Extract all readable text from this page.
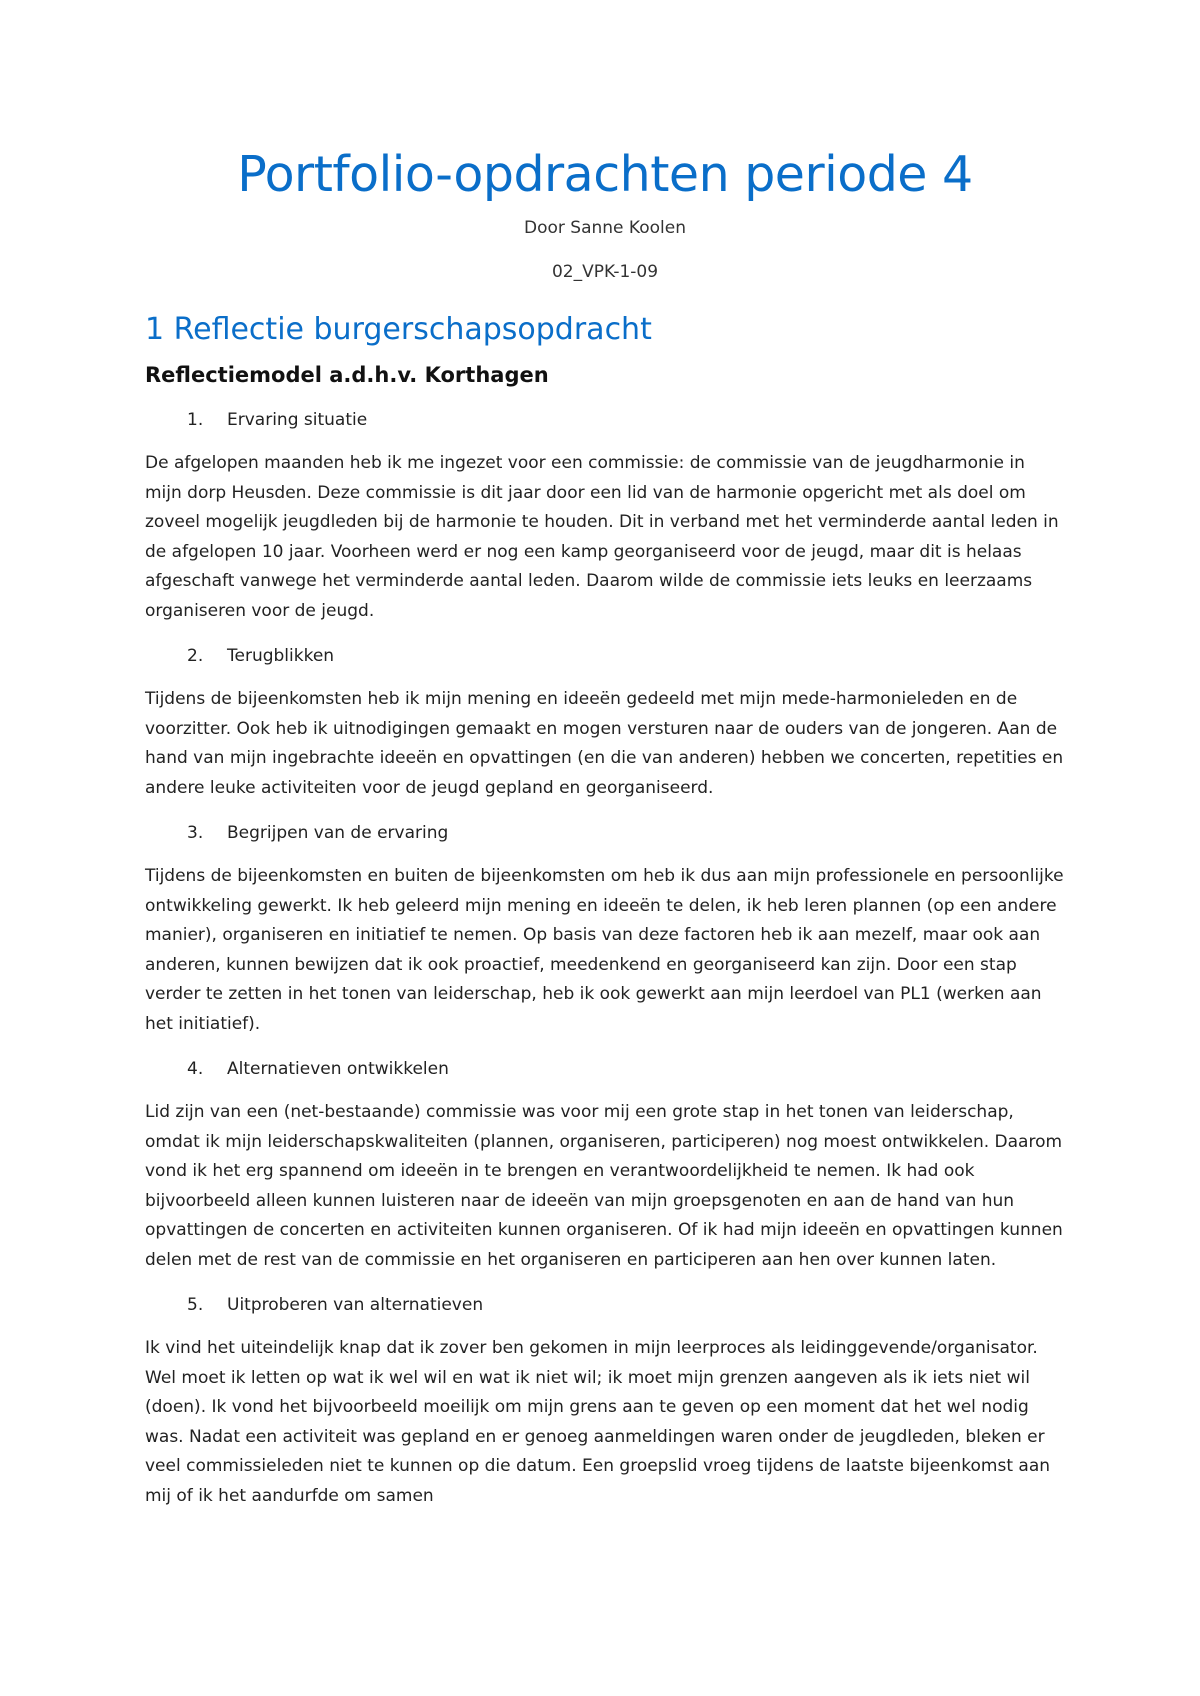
Portfolio-opdrachten periode 4

Door Sanne Koolen

02_VPK-1-09

1 Reflectie burgerschapsopdracht
Reflectiemodel a.d.h.v. Korthagen
1.	Ervaring situatie

De afgelopen maanden heb ik me ingezet voor een commissie: de commissie van de jeugdharmonie in mijn dorp Heusden. Deze commissie is dit jaar door een lid van de harmonie opgericht met als doel om zoveel mogelijk jeugdleden bij de harmonie te houden. Dit in verband met het verminderde aantal leden in de afgelopen 10 jaar. Voorheen werd er nog een kamp georganiseerd voor de jeugd, maar dit is helaas afgeschaft vanwege het verminderde aantal leden. Daarom wilde de commissie iets leuks en leerzaams organiseren voor de jeugd.

2.	Terugblikken

Tijdens de bijeenkomsten heb ik mijn mening en ideeën gedeeld met mijn mede-harmonieleden en de voorzitter. Ook heb ik uitnodigingen gemaakt en mogen versturen naar de ouders van de jongeren. Aan de hand van mijn ingebrachte ideeën en opvattingen (en die van anderen) hebben we concerten, repetities en andere leuke activiteiten voor de jeugd gepland en georganiseerd.

3.	Begrijpen van de ervaring

Tijdens de bijeenkomsten en buiten de bijeenkomsten om heb ik dus aan mijn professionele en persoonlijke ontwikkeling gewerkt. Ik heb geleerd mijn mening en ideeën te delen, ik heb leren plannen (op een andere manier), organiseren en initiatief te nemen. Op basis van deze factoren heb ik aan mezelf, maar ook aan anderen, kunnen bewijzen dat ik ook proactief, meedenkend en georganiseerd kan zijn. Door een stap verder te zetten in het tonen van leiderschap, heb ik ook gewerkt aan mijn leerdoel van PL1 (werken aan het initiatief).

4.	Alternatieven ontwikkelen

Lid zijn van een (net-bestaande) commissie was voor mij een grote stap in het tonen van leiderschap, omdat ik mijn leiderschapskwaliteiten (plannen, organiseren, participeren) nog moest ontwikkelen. Daarom vond ik het erg spannend om ideeën in te brengen en verantwoordelijkheid te nemen. Ik had ook bijvoorbeeld alleen kunnen luisteren naar de ideeën van mijn groepsgenoten en aan de hand van hun opvattingen de concerten en activiteiten kunnen organiseren. Of ik had mijn ideeën en opvattingen kunnen delen met de rest van de commissie en het organiseren en participeren aan hen over kunnen laten.

5.	Uitproberen van alternatieven

Ik vind het uiteindelijk knap dat ik zover ben gekomen in mijn leerproces als leidinggevende/organisator. Wel moet ik letten op wat ik wel wil en wat ik niet wil; ik moet mijn grenzen aangeven als ik iets niet wil (doen). Ik vond het bijvoorbeeld moeilijk om mijn grens aan te geven op een moment dat het wel nodig was. Nadat een activiteit was gepland en er genoeg aanmeldingen waren onder de jeugdleden, bleken er veel commissieleden niet te kunnen op die datum. Een groepslid vroeg tijdens de laatste bijeenkomst aan mij of ik het aandurfde om samen
